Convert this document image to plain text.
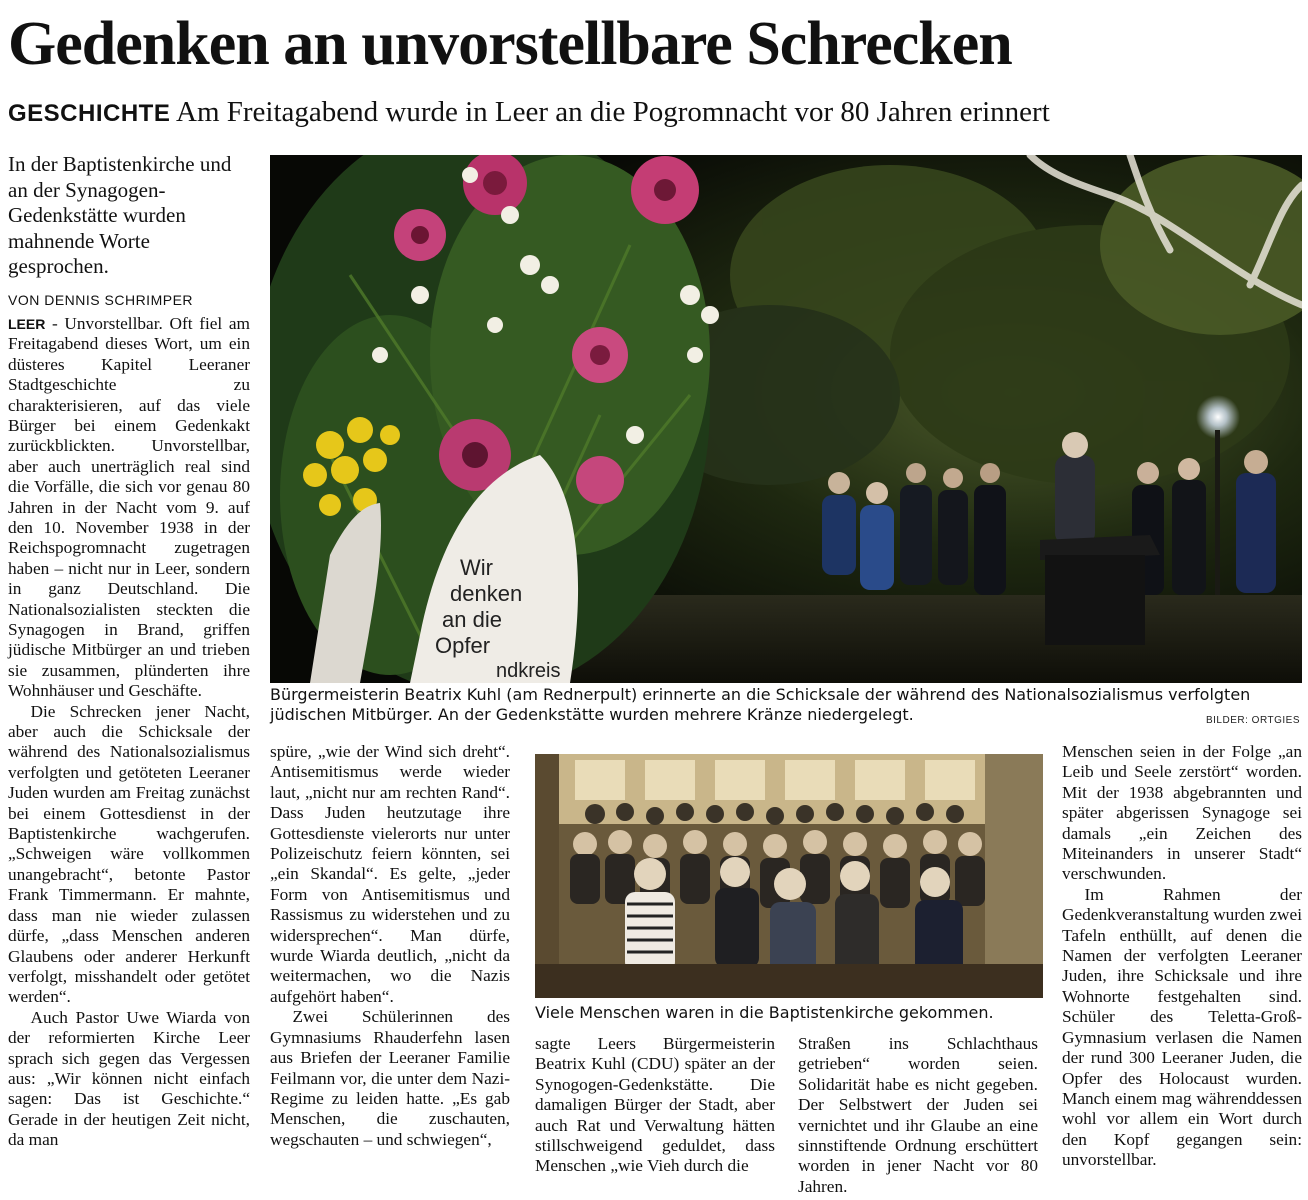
Gedenken an unvorstellbare Schrecken
GESCHICHTE Am Freitagabend wurde in Leer an die Pogromnacht vor 80 Jahren erinnert
In der Baptistenkirche und an der Synagogen-Gedenkstätte wurden mahnende Worte gesprochen.
VON DENNIS SCHRIMPER

LEER - Unvorstellbar. Oft fiel am Freitagabend dieses Wort, um ein düsteres Kapitel Leeraner Stadtgeschichte zu charakterisieren, auf das viele Bürger bei einem Gedenkakt zurückblickten. Unvorstellbar, aber auch unerträglich real sind die Vorfälle, die sich vor genau 80 Jahren in der Nacht vom 9. auf den 10. November 1938 in der Reichspogromnacht zugetragen haben – nicht nur in Leer, sondern in ganz Deutschland. Die Nationalsozialisten steckten die Synagogen in Brand, griffen jüdische Mitbürger an und trieben sie zusammen, plünderten ihre Wohnhäuser und Geschäfte.

Die Schrecken jener Nacht, aber auch die Schicksale der während des Nationalsozialismus verfolgten und getöteten Leeraner Juden wurden am Freitag zunächst bei einem Gottesdienst in der Baptistenkirche wachgerufen. „Schweigen wäre vollkommen unangebracht“, betonte Pastor Frank Timmermann. Er mahnte, dass man nie wieder zulassen dürfe, „dass Menschen anderen Glaubens oder anderer Herkunft verfolgt, misshandelt oder getötet werden“.

Auch Pastor Uwe Wiarda von der reformierten Kirche Leer sprach sich gegen das Vergessen aus: „Wir können nicht einfach sagen: Das ist Geschichte.“ Gerade in der heutigen Zeit nicht, da man

Wir
denken
an die
Opfer
ndkreis
Bürgermeisterin Beatrix Kuhl (am Rednerpult) erinnerte an die Schicksale der während des Nationalsozialismus verfolgten jüdischen Mitbürger. An der Gedenkstätte wurden mehrere Kränze niedergelegt.	BILDER: ORTGIES

spüre, „wie der Wind sich dreht“. Antisemitismus werde wieder laut, „nicht nur am rechten Rand“. Dass Juden heutzutage ihre Gottesdienste vielerorts nur unter Polizeischutz feiern könnten, sei „ein Skandal“. Es gelte, „jeder Form von Antisemitismus und Rassismus zu widerstehen und zu widersprechen“. Man dürfe, wurde Wiarda deutlich, „nicht da weitermachen, wo die Nazis aufgehört haben“.

Zwei Schülerinnen des Gymnasiums Rhauderfehn lasen aus Briefen der Leeraner Familie Feilmann vor, die unter dem Nazi-Regime zu leiden hatte. „Es gab Menschen, die zuschauten, wegschauten – und schwiegen“,

Viele Menschen waren in die Baptistenkirche gekommen.

sagte Leers Bürgermeisterin Beatrix Kuhl (CDU) später an der Synogogen-Gedenkstätte. Die damaligen Bürger der Stadt, aber auch Rat und Verwaltung hätten stillschweigend geduldet, dass Menschen „wie Vieh durch die

Straßen ins Schlachthaus getrieben“ worden seien. Solidarität habe es nicht gegeben. Der Selbstwert der Juden sei vernichtet und ihr Glaube an eine sinnstiftende Ordnung erschüttert worden in jener Nacht vor 80 Jahren.

Menschen seien in der Folge „an Leib und Seele zerstört“ worden. Mit der 1938 abgebrannten und später abgerissen Synagoge sei damals „ein Zeichen des Miteinanders in unserer Stadt“ verschwunden.

Im Rahmen der Gedenkveranstaltung wurden zwei Tafeln enthüllt, auf denen die Namen der verfolgten Leeraner Juden, ihre Schicksale und ihre Wohnorte festgehalten sind. Schüler des Teletta-Groß-Gymnasium verlasen die Namen der rund 300 Leeraner Juden, die Opfer des Holocaust wurden. Manch einem mag währenddessen wohl vor allem ein Wort durch den Kopf gegangen sein: unvorstellbar.
